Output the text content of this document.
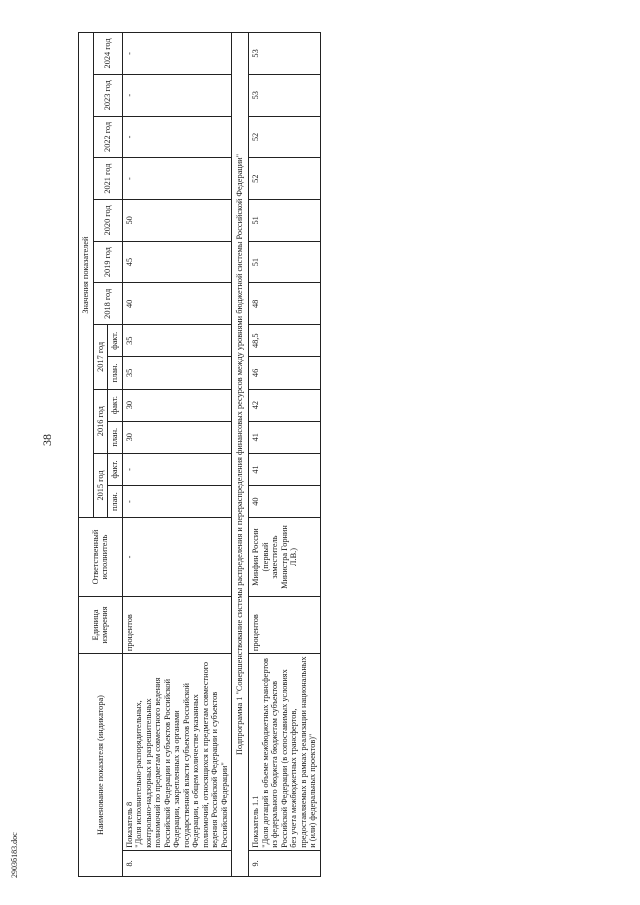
38
Наименование показателя (индикатора)		Единица измерения	Ответственный исполнитель	Значения показателей												
				2015 год		2016 год		2017 год		2018 год	2019 год	2020 год	2021 год	2022 год	2023 год	2024 год
				план.	факт.	план.	факт.	план.	факт.							
8.	Показатель 8 "Доля исполнительно-распорядительных, контрольно-надзорных и разрешительных полномочий по предметам совместного ведения Российской Федерации и субъектов Российской Федерации, закрепленных за органами государственной власти субъектов Российской Федерации, в общем количестве указанных полномочий, относящихся к предметам совместного ведения Российской Федерации и субъектов Российской Федерации"	процентов	-	-	-	30	30	35	35	40	45	50	-	-	-	-
Подпрограмма 1 "Совершенствование системы распределения и перераспределения финансовых ресурсов между уровнями бюджетной системы Российской Федерации"																
9.	Показатель 1.1 "Доля дотаций в объеме межбюджетных трансфертов из федерального бюджета бюджетам субъектов Российской Федерации (в сопоставимых условиях без учета межбюджетных трансфертов, предоставляемых в рамках реализации национальных и (или) федеральных проектов)"	процентов	Минфин России (первый заместитель Министра Горнин Л.В.)	40	41	41	42	46	48,5	48	51	51	52	52	53	53
2903б183.doc
